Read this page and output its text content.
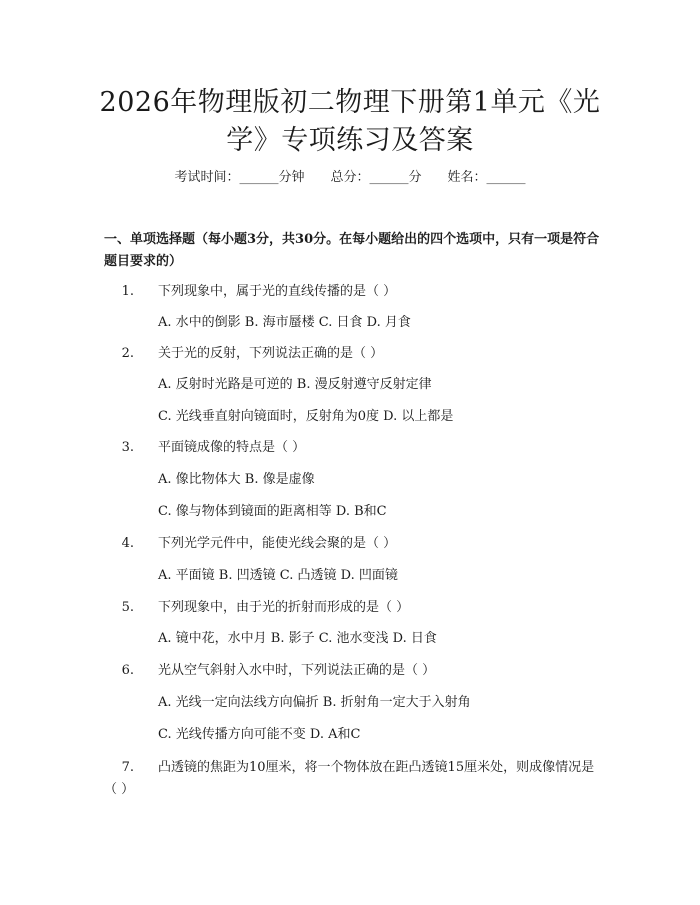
2026年物理版初二物理下册第1单元《光学》专项练习及答案
考试时间：______分钟 总分：______分 姓名：______

一、单项选择题（每小题3分，共30分。在每小题给出的四个选项中，只有一项是符合题目要求的）

1. 下列现象中，属于光的直线传播的是（ ）
A. 水中的倒影 B. 海市蜃楼 C. 日食 D. 月食
2. 关于光的反射，下列说法正确的是（ ）
A. 反射时光路是可逆的 B. 漫反射遵守反射定律
C. 光线垂直射向镜面时，反射角为0度 D. 以上都是
3. 平面镜成像的特点是（ ）
A. 像比物体大 B. 像是虚像
C. 像与物体到镜面的距离相等 D. B和C
4. 下列光学元件中，能使光线会聚的是（ ）
A. 平面镜 B. 凹透镜 C. 凸透镜 D. 凹面镜
5. 下列现象中，由于光的折射而形成的是（ ）
A. 镜中花，水中月 B. 影子 C. 池水变浅 D. 日食
6. 光从空气斜射入水中时，下列说法正确的是（ ）
A. 光线一定向法线方向偏折 B. 折射角一定大于入射角
C. 光线传播方向可能不变 D. A和C
7. 凸透镜的焦距为10厘米，将一个物体放在距凸透镜15厘米处，则成像情况是（ ）
